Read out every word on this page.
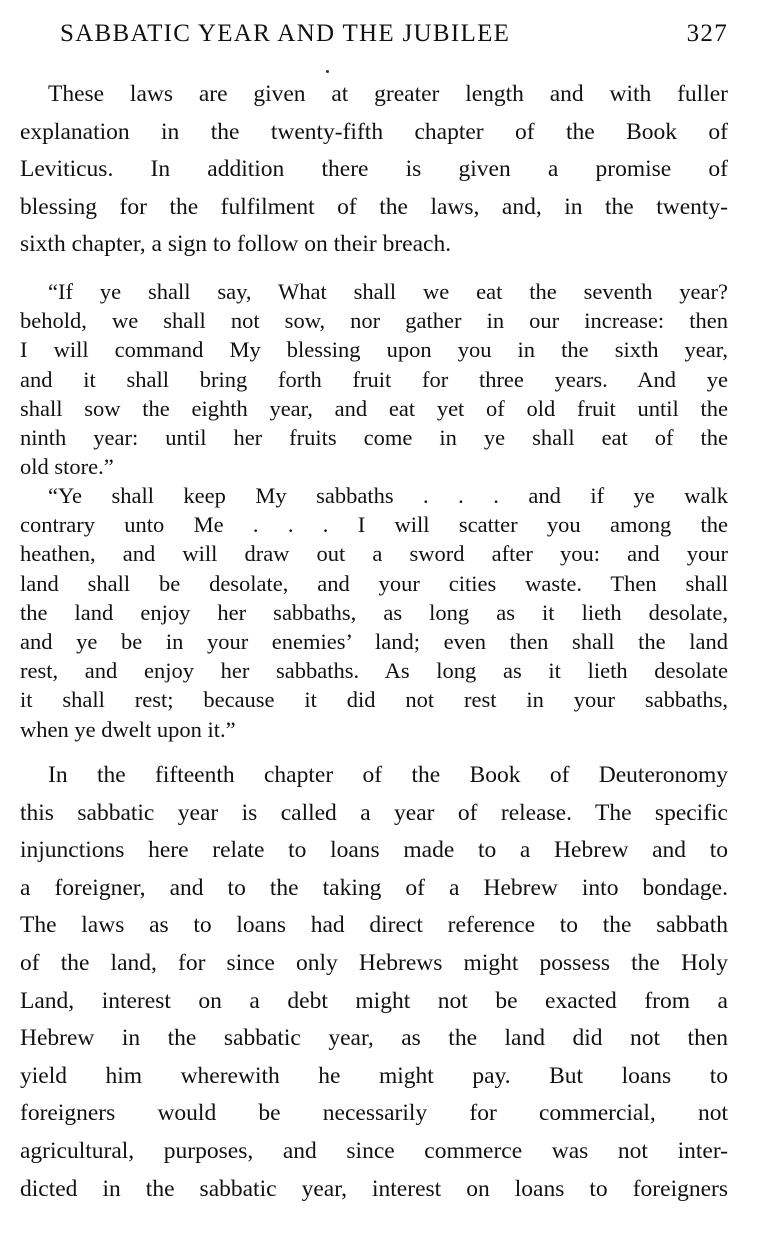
SABBATIC YEAR AND THE JUBILEE	327
These laws are given at greater length and with fuller
explanation in the twenty-fifth chapter of the Book of
Leviticus. In addition there is given a promise of
blessing for the fulfilment of the laws, and, in the twenty-
sixth chapter, a sign to follow on their breach.
“If ye shall say, What shall we eat the seventh year?
behold, we shall not sow, nor gather in our increase: then
I will command My blessing upon you in the sixth year,
and it shall bring forth fruit for three years. And ye
shall sow the eighth year, and eat yet of old fruit until the
ninth year: until her fruits come in ye shall eat of the
old store.”
“Ye shall keep My sabbaths . . . and if ye walk
contrary unto Me . . . I will scatter you among the
heathen, and will draw out a sword after you: and your
land shall be desolate, and your cities waste. Then shall
the land enjoy her sabbaths, as long as it lieth desolate,
and ye be in your enemies’ land; even then shall the land
rest, and enjoy her sabbaths. As long as it lieth desolate
it shall rest; because it did not rest in your sabbaths,
when ye dwelt upon it.”
In the fifteenth chapter of the Book of Deuteronomy
this sabbatic year is called a year of release. The specific
injunctions here relate to loans made to a Hebrew and to
a foreigner, and to the taking of a Hebrew into bondage.
The laws as to loans had direct reference to the sabbath
of the land, for since only Hebrews might possess the Holy
Land, interest on a debt might not be exacted from a
Hebrew in the sabbatic year, as the land did not then
yield him wherewith he might pay. But loans to
foreigners would be necessarily for commercial, not
agricultural, purposes, and since commerce was not inter-
dicted in the sabbatic year, interest on loans to foreigners
